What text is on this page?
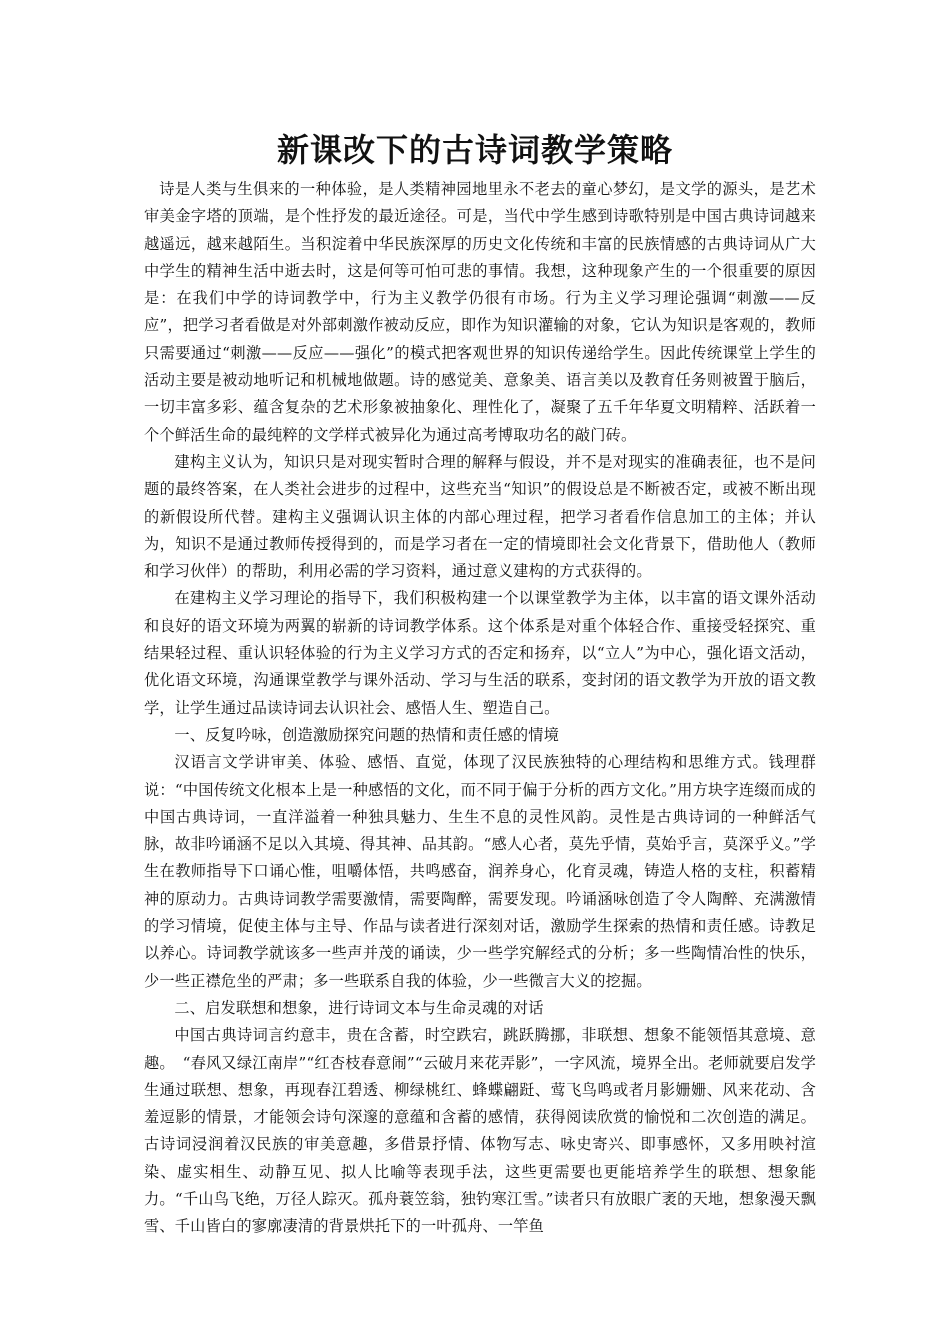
新课改下的古诗词教学策略

诗是人类与生俱来的一种体验，是人类精神园地里永不老去的童心梦幻，是文学的源头，是艺术审美金字塔的顶端，是个性抒发的最近途径。可是，当代中学生感到诗歌特别是中国古典诗词越来越遥远，越来越陌生。当积淀着中华民族深厚的历史文化传统和丰富的民族情感的古典诗词从广大中学生的精神生活中逝去时，这是何等可怕可悲的事情。我想，这种现象产生的一个很重要的原因是：在我们中学的诗词教学中，行为主义教学仍很有市场。行为主义学习理论强调“刺激——反应”，把学习者看做是对外部刺激作被动反应，即作为知识灌输的对象，它认为知识是客观的，教师只需要通过“刺激——反应——强化”的模式把客观世界的知识传递给学生。因此传统课堂上学生的活动主要是被动地听记和机械地做题。诗的感觉美、意象美、语言美以及教育任务则被置于脑后，一切丰富多彩、蕴含复杂的艺术形象被抽象化、理性化了，凝聚了五千年华夏文明精粹、活跃着一个个鲜活生命的最纯粹的文学样式被异化为通过高考博取功名的敲门砖。

建构主义认为，知识只是对现实暂时合理的解释与假设，并不是对现实的准确表征，也不是问题的最终答案，在人类社会进步的过程中，这些充当“知识”的假设总是不断被否定，或被不断出现的新假设所代替。建构主义强调认识主体的内部心理过程，把学习者看作信息加工的主体；并认为，知识不是通过教师传授得到的，而是学习者在一定的情境即社会文化背景下，借助他人（教师和学习伙伴）的帮助，利用必需的学习资料，通过意义建构的方式获得的。

在建构主义学习理论的指导下，我们积极构建一个以课堂教学为主体，以丰富的语文课外活动和良好的语文环境为两翼的崭新的诗词教学体系。这个体系是对重个体轻合作、重接受轻探究、重结果轻过程、重认识轻体验的行为主义学习方式的否定和扬弃，以“立人”为中心，强化语文活动，优化语文环境，沟通课堂教学与课外活动、学习与生活的联系，变封闭的语文教学为开放的语文教学，让学生通过品读诗词去认识社会、感悟人生、塑造自己。

一、反复吟咏，创造激励探究问题的热情和责任感的情境

汉语言文学讲审美、体验、感悟、直觉，体现了汉民族独特的心理结构和思维方式。钱理群说：“中国传统文化根本上是一种感悟的文化，而不同于偏于分析的西方文化。”用方块字连缀而成的中国古典诗词，一直洋溢着一种独具魅力、生生不息的灵性风韵。灵性是古典诗词的一种鲜活气脉，故非吟诵涵不足以入其境、得其神、品其韵。“感人心者，莫先乎情，莫始乎言，莫深乎义。”学生在教师指导下口诵心惟，咀嚼体悟，共鸣感奋，润养身心，化育灵魂，铸造人格的支柱，积蓄精神的原动力。古典诗词教学需要激情，需要陶醉，需要发现。吟诵涵咏创造了令人陶醉、充满激情的学习情境，促使主体与主导、作品与读者进行深刻对话，激励学生探索的热情和责任感。诗教足以养心。诗词教学就该多一些声并茂的诵读，少一些学究解经式的分析；多一些陶情冶性的快乐，少一些正襟危坐的严肃；多一些联系自我的体验，少一些微言大义的挖掘。

二、启发联想和想象，进行诗词文本与生命灵魂的对话

中国古典诗词言约意丰，贵在含蓄，时空跌宕，跳跃腾挪，非联想、想象不能领悟其意境、意趣。　“春风又绿江南岸”“红杏枝春意闹”“云破月来花弄影”，一字风流，境界全出。老师就要启发学生通过联想、想象，再现春江碧透、柳绿桃红、蜂蝶翩跹、莺飞鸟鸣或者月影姗姗、风来花动、含羞逗影的情景，才能领会诗句深邃的意蕴和含蓄的感情，获得阅读欣赏的愉悦和二次创造的满足。古诗词浸润着汉民族的审美意趣，多借景抒情、体物写志、咏史寄兴、即事感怀，又多用映衬渲染、虚实相生、动静互见、拟人比喻等表现手法，这些更需要也更能培养学生的联想、想象能力。“千山鸟飞绝，万径人踪灭。孤舟蓑笠翁，独钓寒江雪。”读者只有放眼广袤的天地，想象漫天飘雪、千山皆白的寥廓凄清的背景烘托下的一叶孤舟、一竿鱼
